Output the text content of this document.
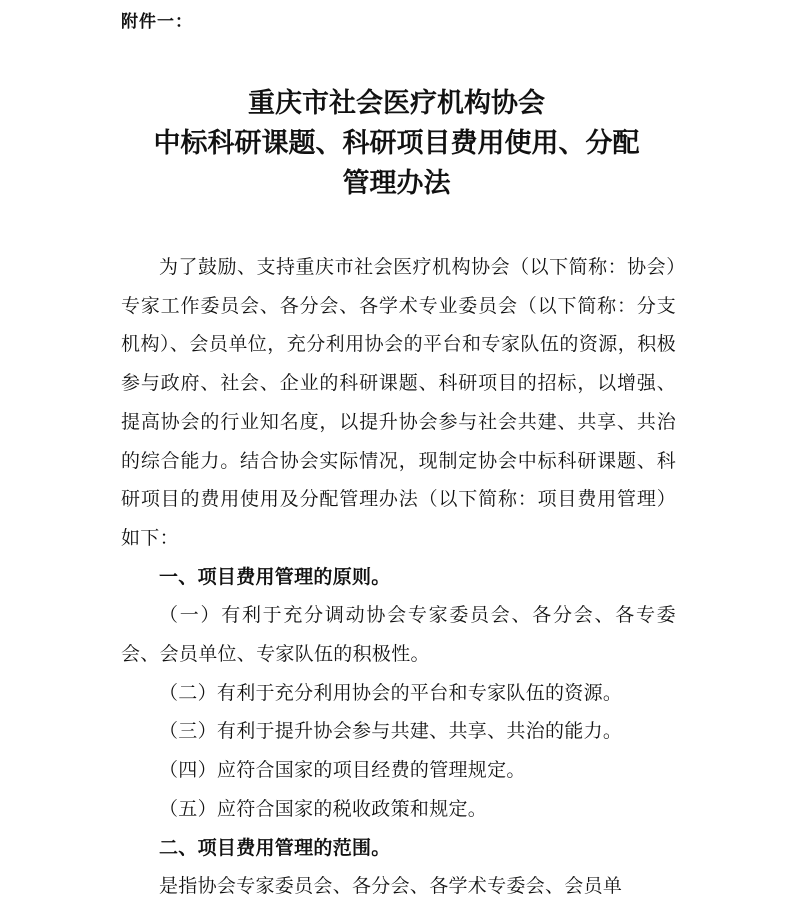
附件一：
重庆市社会医疗机构协会
中标科研课题、科研项目费用使用、分配
管理办法

为了鼓励、支持重庆市社会医疗机构协会（以下简称：协会）专家工作委员会、各分会、各学术专业委员会（以下简称：分支机构）、会员单位，充分利用协会的平台和专家队伍的资源，积极参与政府、社会、企业的科研课题、科研项目的招标，以增强、提高协会的行业知名度，以提升协会参与社会共建、共享、共治的综合能力。结合协会实际情况，现制定协会中标科研课题、科研项目的费用使用及分配管理办法（以下简称：项目费用管理）如下：

一、项目费用管理的原则。

（一）有利于充分调动协会专家委员会、各分会、各专委会、会员单位、专家队伍的积极性。

（二）有利于充分利用协会的平台和专家队伍的资源。

（三）有利于提升协会参与共建、共享、共治的能力。

（四）应符合国家的项目经费的管理规定。

（五）应符合国家的税收政策和规定。

二、项目费用管理的范围。

是指协会专家委员会、各分会、各学术专委会、会员单
